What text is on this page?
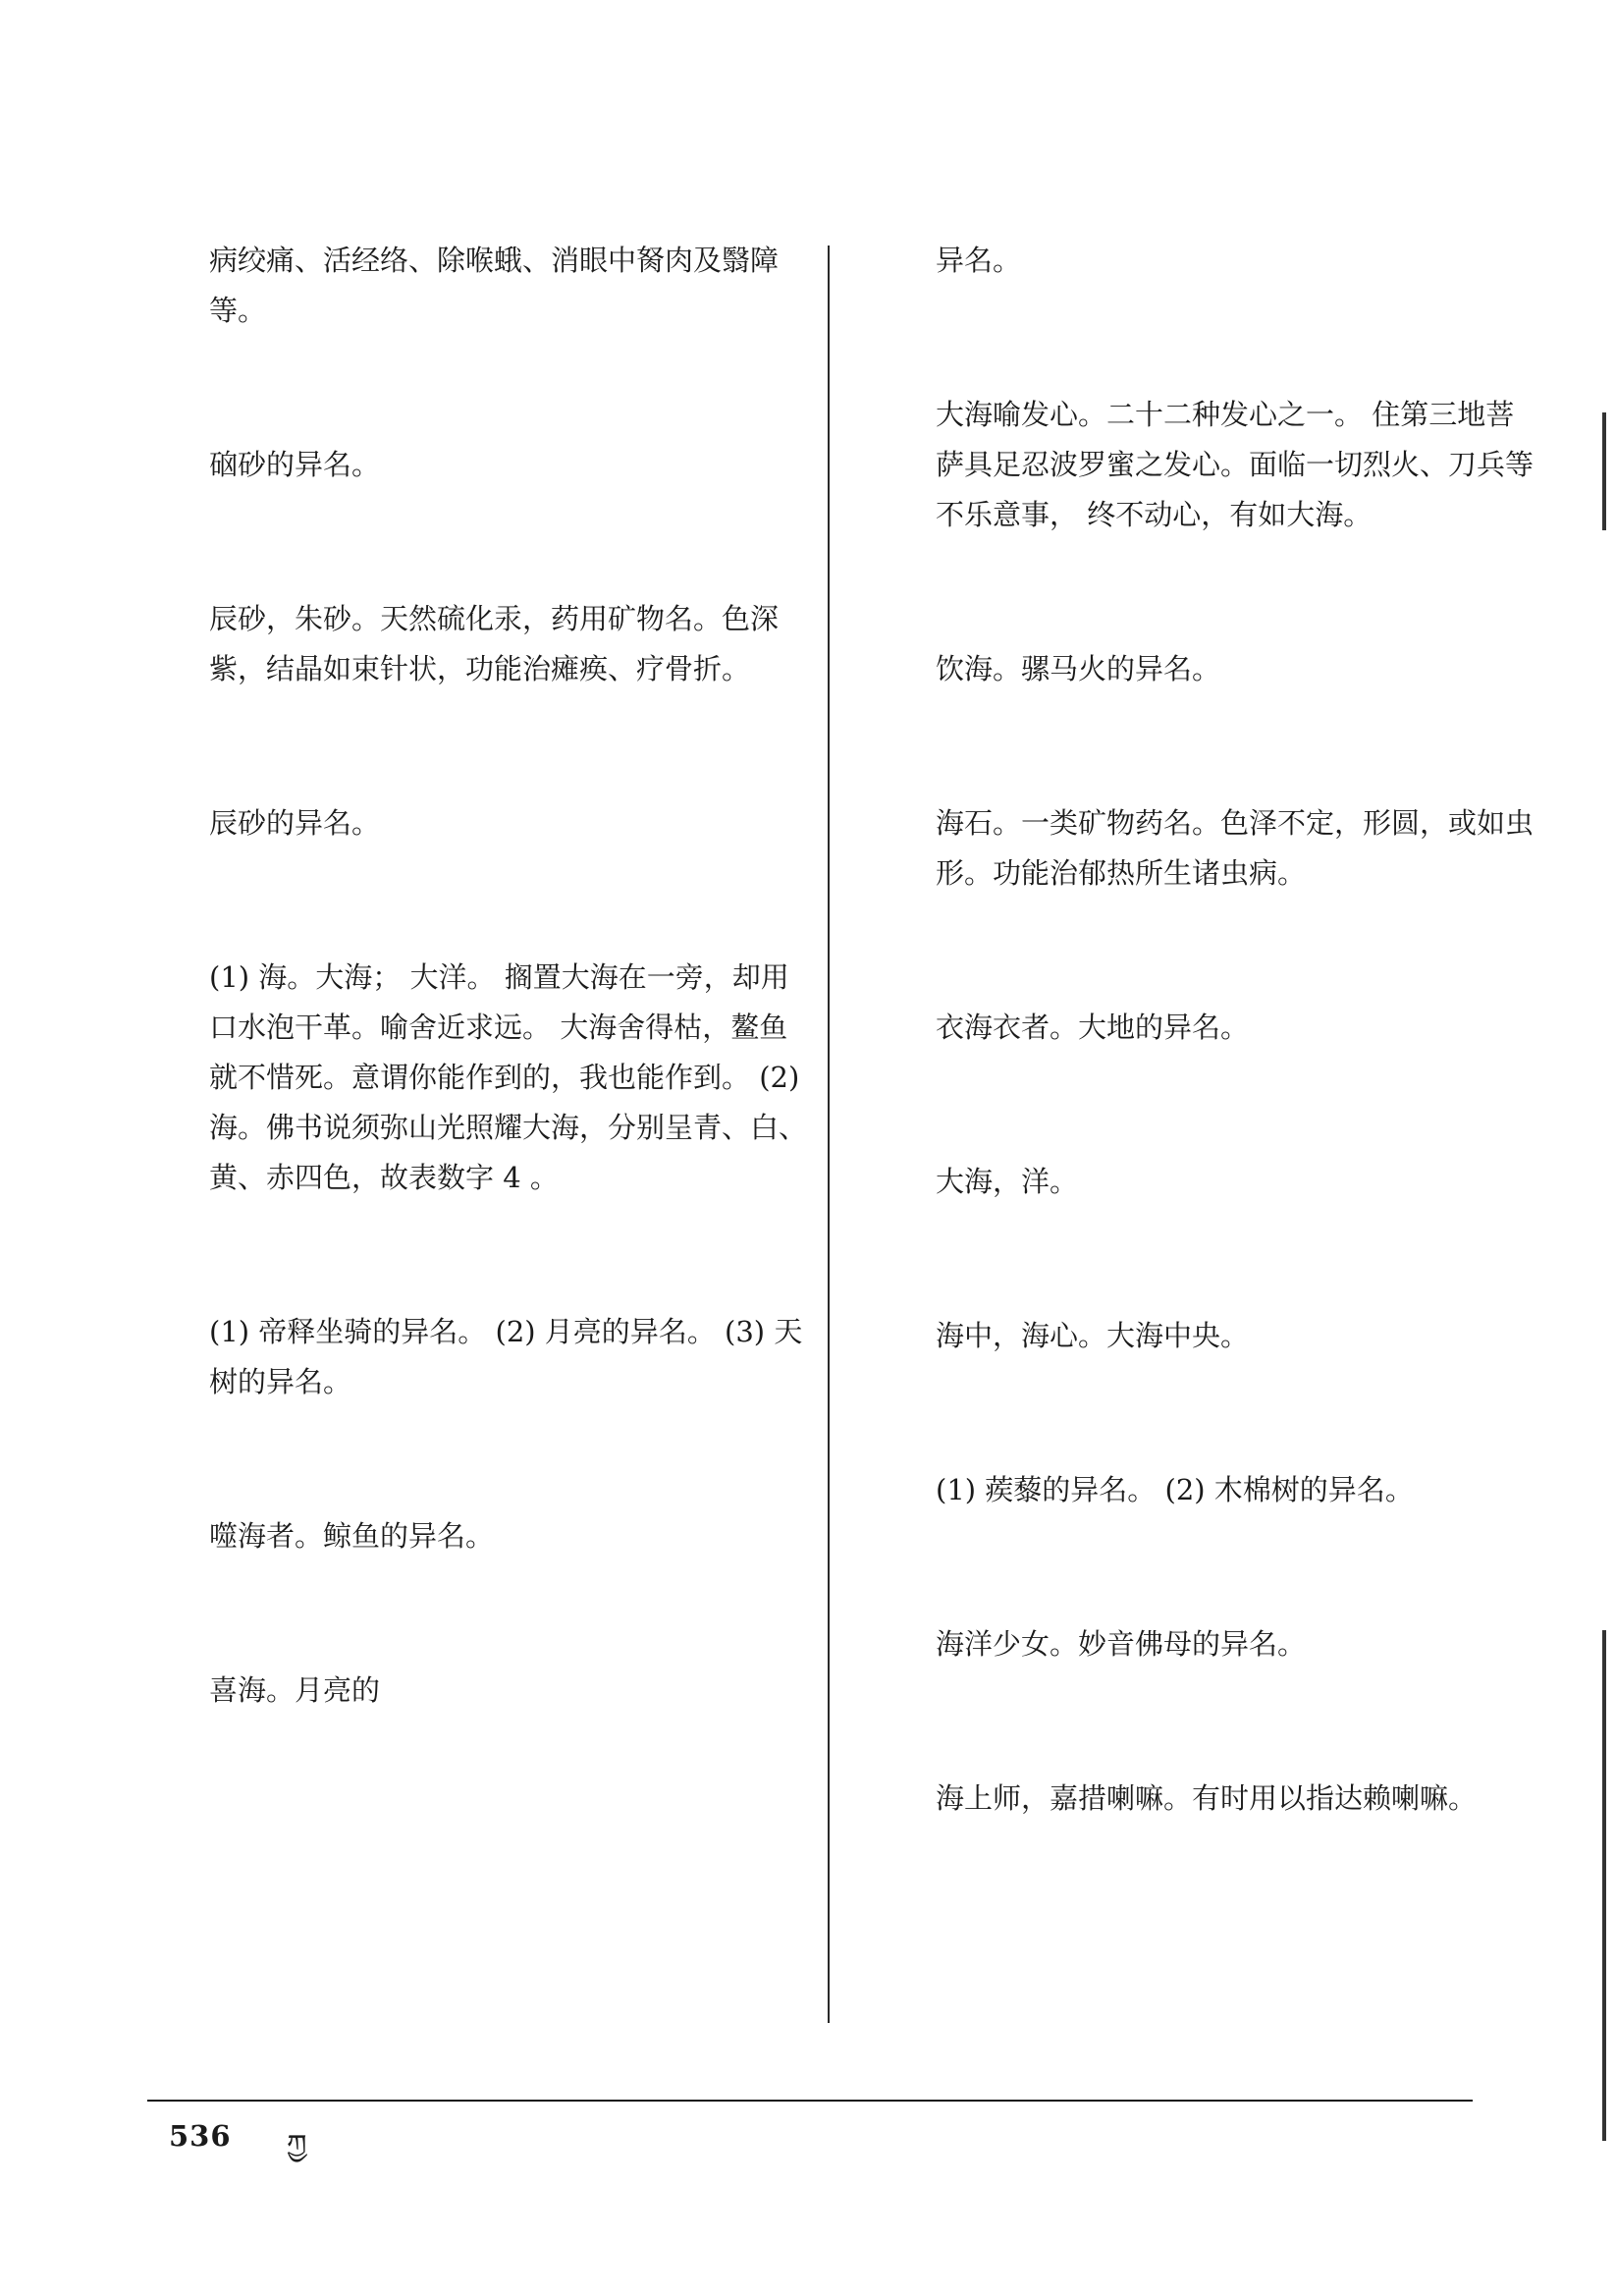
病绞痛、活经络、除喉蛾、消眼中胬肉及翳障等。
硇砂的异名。
辰砂，朱砂。天然硫化汞，药用矿物名。色深紫，结晶如束针状，功能治瘫痪、疗骨折。
辰砂的异名。
(1) 海。大海； 大洋。 搁置大海在一旁，却用口水泡干革。喻舍近求远。 大海舍得枯，鳌鱼就不惜死。意谓你能作到的，我也能作到。 (2) 海。佛书说须弥山光照耀大海，分别呈青、白、黄、赤四色，故表数字 4 。
(1) 帝释坐骑的异名。 (2) 月亮的异名。 (3) 天树的异名。
噬海者。鲸鱼的异名。
喜海。月亮的
异名。
大海喻发心。二十二种发心之一。 住第三地菩萨具足忍波罗蜜之发心。面临一切烈火、刀兵等不乐意事， 终不动心，有如大海。
饮海。骡马火的异名。
海石。一类矿物药名。色泽不定，形圆，或如虫形。功能治郁热所生诸虫病。
衣海衣者。大地的异名。
大海，洋。
海中，海心。大海中央。
(1) 蒺藜的异名。 (2) 木棉树的异名。
海洋少女。妙音佛母的异名。
海上师，嘉措喇嘛。有时用以指达赖喇嘛。
536 ཀྱ
